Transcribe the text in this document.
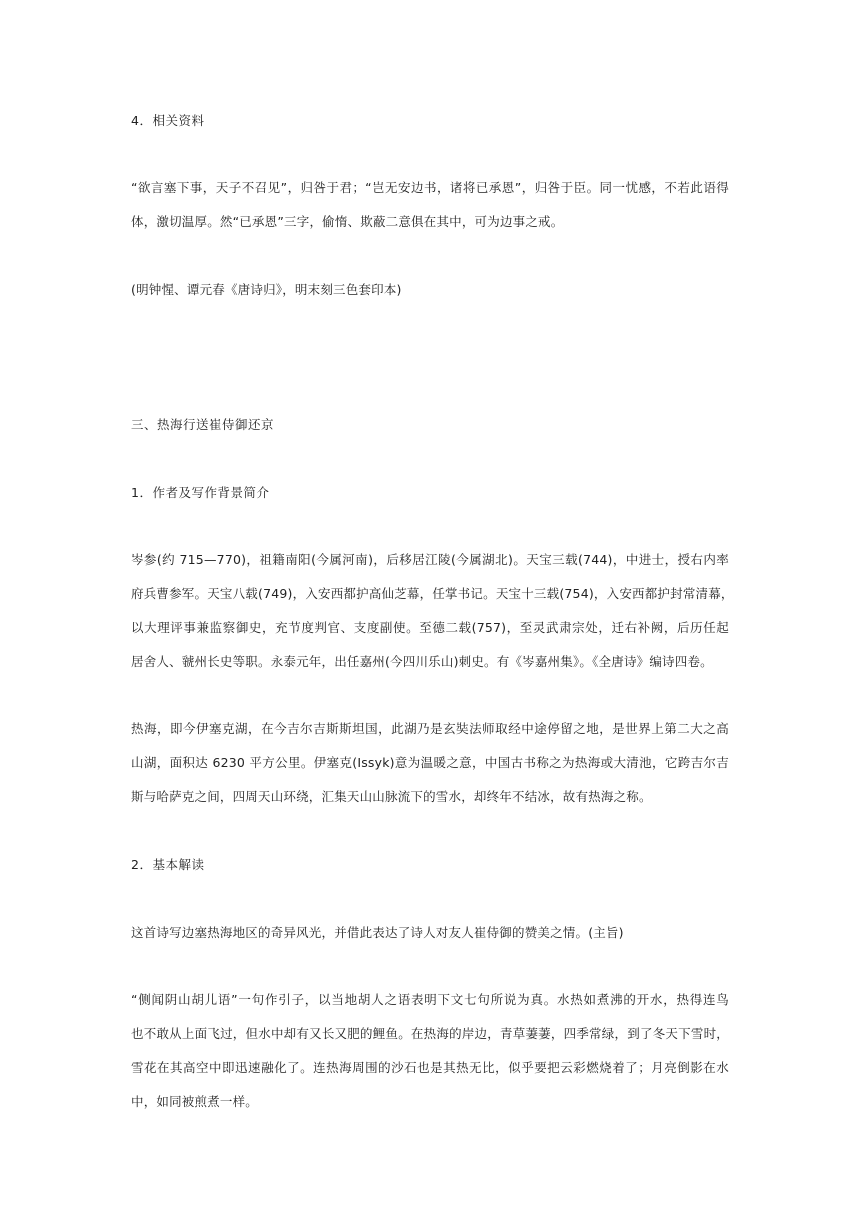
4．相关资料
“欲言塞下事，天子不召见”，归咎于君；“岂无安边书，诸将已承恩”，归咎于臣。同一忧感，不若此语得
体，激切温厚。然“已承恩”三字，偷惰、欺蔽二意俱在其中，可为边事之戒。
(明钟惺、谭元春《唐诗归》，明末刻三色套印本)
三、热海行送崔侍御还京
1．作者及写作背景简介
岑参(约 715—770)，祖籍南阳(今属河南)，后移居江陵(今属湖北)。天宝三载(744)，中进士，授右内率
府兵曹参军。天宝八载(749)，入安西都护高仙芝幕，任掌书记。天宝十三载(754)，入安西都护封常清幕，
以大理评事兼监察御史，充节度判官、支度副使。至德二载(757)，至灵武肃宗处，迁右补阙，后历任起
居舍人、虢州长史等职。永泰元年，出任嘉州(今四川乐山)刺史。有《岑嘉州集》。《全唐诗》编诗四卷。
热海，即今伊塞克湖，在今吉尔吉斯斯坦国，此湖乃是玄奘法师取经中途停留之地，是世界上第二大之高
山湖，面积达 6230 平方公里。伊塞克(Issyk)意为温暖之意，中国古书称之为热海或大清池，它跨吉尔吉
斯与哈萨克之间，四周天山环绕，汇集天山山脉流下的雪水，却终年不结冰，故有热海之称。
2．基本解读
这首诗写边塞热海地区的奇异风光，并借此表达了诗人对友人崔侍御的赞美之情。(主旨)
“侧闻阴山胡儿语”一句作引子，以当地胡人之语表明下文七句所说为真。水热如煮沸的开水，热得连鸟
也不敢从上面飞过，但水中却有又长又肥的鲤鱼。在热海的岸边，青草萋萋，四季常绿，到了冬天下雪时，
雪花在其高空中即迅速融化了。连热海周围的沙石也是其热无比，似乎要把云彩燃烧着了；月亮倒影在水
中，如同被煎煮一样。
